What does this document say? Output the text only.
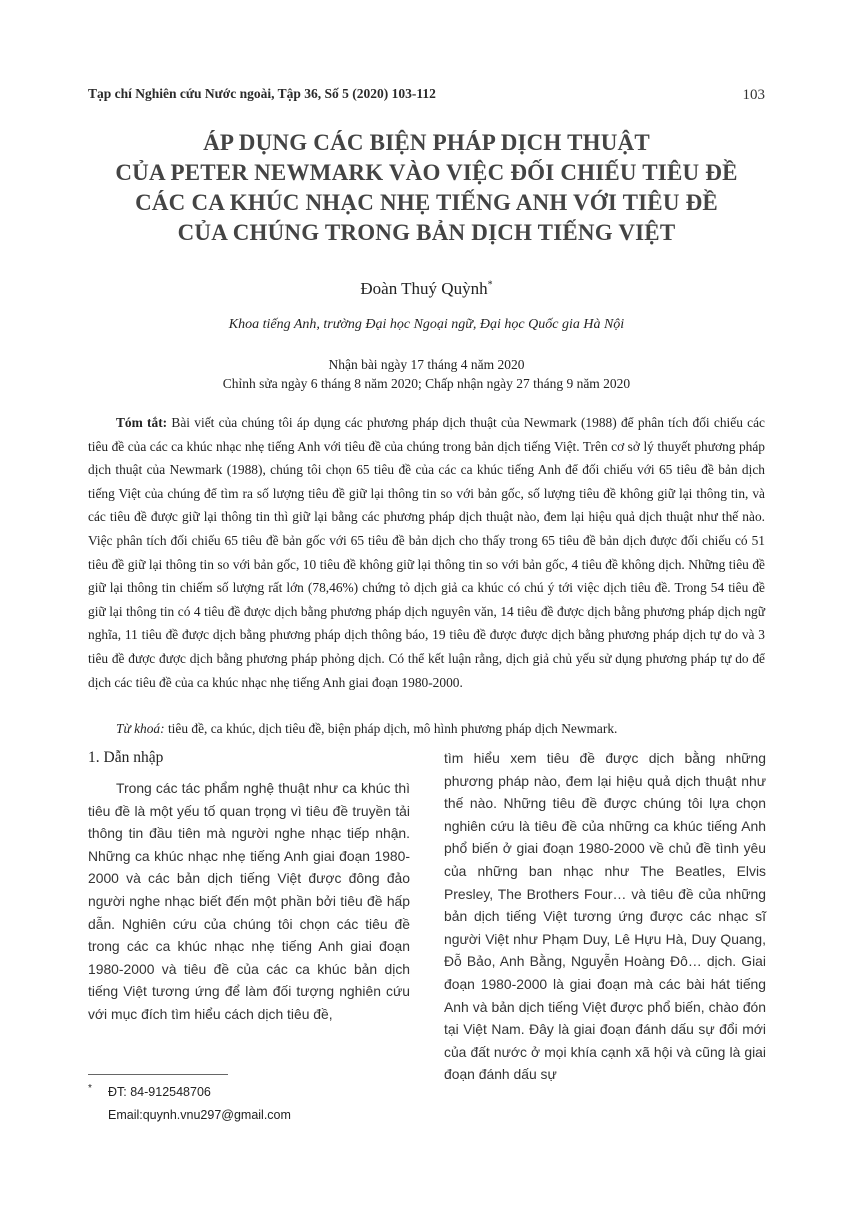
Tạp chí Nghiên cứu Nước ngoài, Tập 36, Số 5 (2020) 103-112	103
ÁP DỤNG CÁC BIỆN PHÁP DỊCH THUẬT
CỦA PETER NEWMARK VÀO VIỆC ĐỐI CHIẾU TIÊU ĐỀ
CÁC CA KHÚC NHẠC NHẸ TIẾNG ANH VỚI TIÊU ĐỀ
CỦA CHÚNG TRONG BẢN DỊCH TIẾNG VIỆT
Đoàn Thuý Quỳnh*
Khoa tiếng Anh, trường Đại học Ngoại ngữ, Đại học Quốc gia Hà Nội
Nhận bài ngày 17 tháng 4 năm 2020
Chỉnh sửa ngày 6 tháng 8 năm 2020; Chấp nhận ngày 27 tháng 9 năm 2020
Tóm tắt: Bài viết của chúng tôi áp dụng các phương pháp dịch thuật của Newmark (1988) để phân tích đối chiếu các tiêu đề của các ca khúc nhạc nhẹ tiếng Anh với tiêu đề của chúng trong bản dịch tiếng Việt. Trên cơ sở lý thuyết phương pháp dịch thuật của Newmark (1988), chúng tôi chọn 65 tiêu đề của các ca khúc tiếng Anh để đối chiếu với 65 tiêu đề bản dịch tiếng Việt của chúng để tìm ra số lượng tiêu đề giữ lại thông tin so với bản gốc, số lượng tiêu đề không giữ lại thông tin, và các tiêu đề được giữ lại thông tin thì giữ lại bằng các phương pháp dịch thuật nào, đem lại hiệu quả dịch thuật như thế nào. Việc phân tích đối chiếu 65 tiêu đề bản gốc với 65 tiêu đề bản dịch cho thấy trong 65 tiêu đề bản dịch được đối chiếu có 51 tiêu đề giữ lại thông tin so với bản gốc, 10 tiêu đề không giữ lại thông tin so với bản gốc, 4 tiêu đề không dịch. Những tiêu đề giữ lại thông tin chiếm số lượng rất lớn (78,46%) chứng tỏ dịch giả ca khúc có chú ý tới việc dịch tiêu đề. Trong 54 tiêu đề giữ lại thông tin có 4 tiêu đề được dịch bằng phương pháp dịch nguyên văn, 14 tiêu đề được dịch bằng phương pháp dịch ngữ nghĩa, 11 tiêu đề được dịch bằng phương pháp dịch thông báo, 19 tiêu đề được được dịch bằng phương pháp dịch tự do và 3 tiêu đề được được dịch bằng phương pháp phỏng dịch. Có thể kết luận rằng, dịch giả chủ yếu sử dụng phương pháp tự do để dịch các tiêu đề của ca khúc nhạc nhẹ tiếng Anh giai đoạn 1980-2000.
Từ khoá: tiêu đề, ca khúc, dịch tiêu đề, biện pháp dịch, mô hình phương pháp dịch Newmark.
1. Dẫn nhập
Trong các tác phẩm nghệ thuật như ca khúc thì tiêu đề là một yếu tố quan trọng vì tiêu đề truyền tải thông tin đầu tiên mà người nghe nhạc tiếp nhận. Những ca khúc nhạc nhẹ tiếng Anh giai đoạn 1980-2000 và các bản dịch tiếng Việt được đông đảo người nghe nhạc biết đến một phần bởi tiêu đề hấp dẫn. Nghiên cứu của chúng tôi chọn các tiêu đề trong các ca khúc nhạc nhẹ tiếng Anh giai đoạn 1980-2000 và tiêu đề của các ca khúc bản dịch tiếng Việt tương ứng để làm đối tượng nghiên cứu với mục đích tìm hiểu cách dịch tiêu đề,
tìm hiểu xem tiêu đề được dịch bằng những phương pháp nào, đem lại hiệu quả dịch thuật như thế nào. Những tiêu đề được chúng tôi lựa chọn nghiên cứu là tiêu đề của những ca khúc tiếng Anh phổ biến ở giai đoạn 1980-2000 về chủ đề tình yêu của những ban nhạc như The Beatles, Elvis Presley, The Brothers Four… và tiêu đề của những bản dịch tiếng Việt tương ứng được các nhạc sĩ người Việt như Phạm Duy, Lê Hựu Hà, Duy Quang, Đỗ Bảo, Anh Bằng, Nguyễn Hoàng Đô… dịch. Giai đoạn 1980-2000 là giai đoạn mà các bài hát tiếng Anh và bản dịch tiếng Việt được phổ biến, chào đón tại Việt Nam. Đây là giai đoạn đánh dấu sự đổi mới của đất nước ở mọi khía cạnh xã hội và cũng là giai đoạn đánh dấu sự
* ĐT: 84-912548706
Email:quynh.vnu297@gmail.com
